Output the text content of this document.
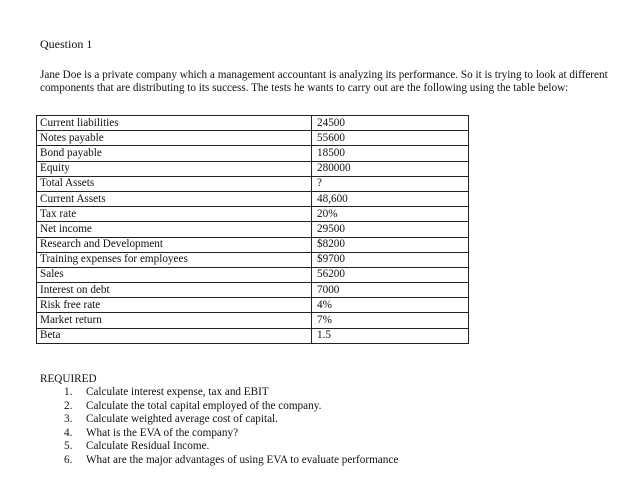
Question 1
Jane Doe is a private company which a management accountant is analyzing its performance. So it is trying to look at different components that are distributing to its success. The tests he wants to carry out are the following using the table below:
Current liabilities	24500
Notes payable	55600
Bond payable	18500
Equity	280000
Total Assets	?
Current Assets	48,600
Tax rate	20%
Net income	29500
Research and Development	$8200
Training expenses for employees	$9700
Sales	56200
Interest on debt	7000
Risk free rate	4%
Market return	7%
Beta	1.5
REQUIRED
1. Calculate interest expense, tax and EBIT
2. Calculate the total capital employed of the company.
3. Calculate weighted average cost of capital.
4. What is the EVA of the company?
5. Calculate Residual Income.
6. What are the major advantages of using EVA to evaluate performance
